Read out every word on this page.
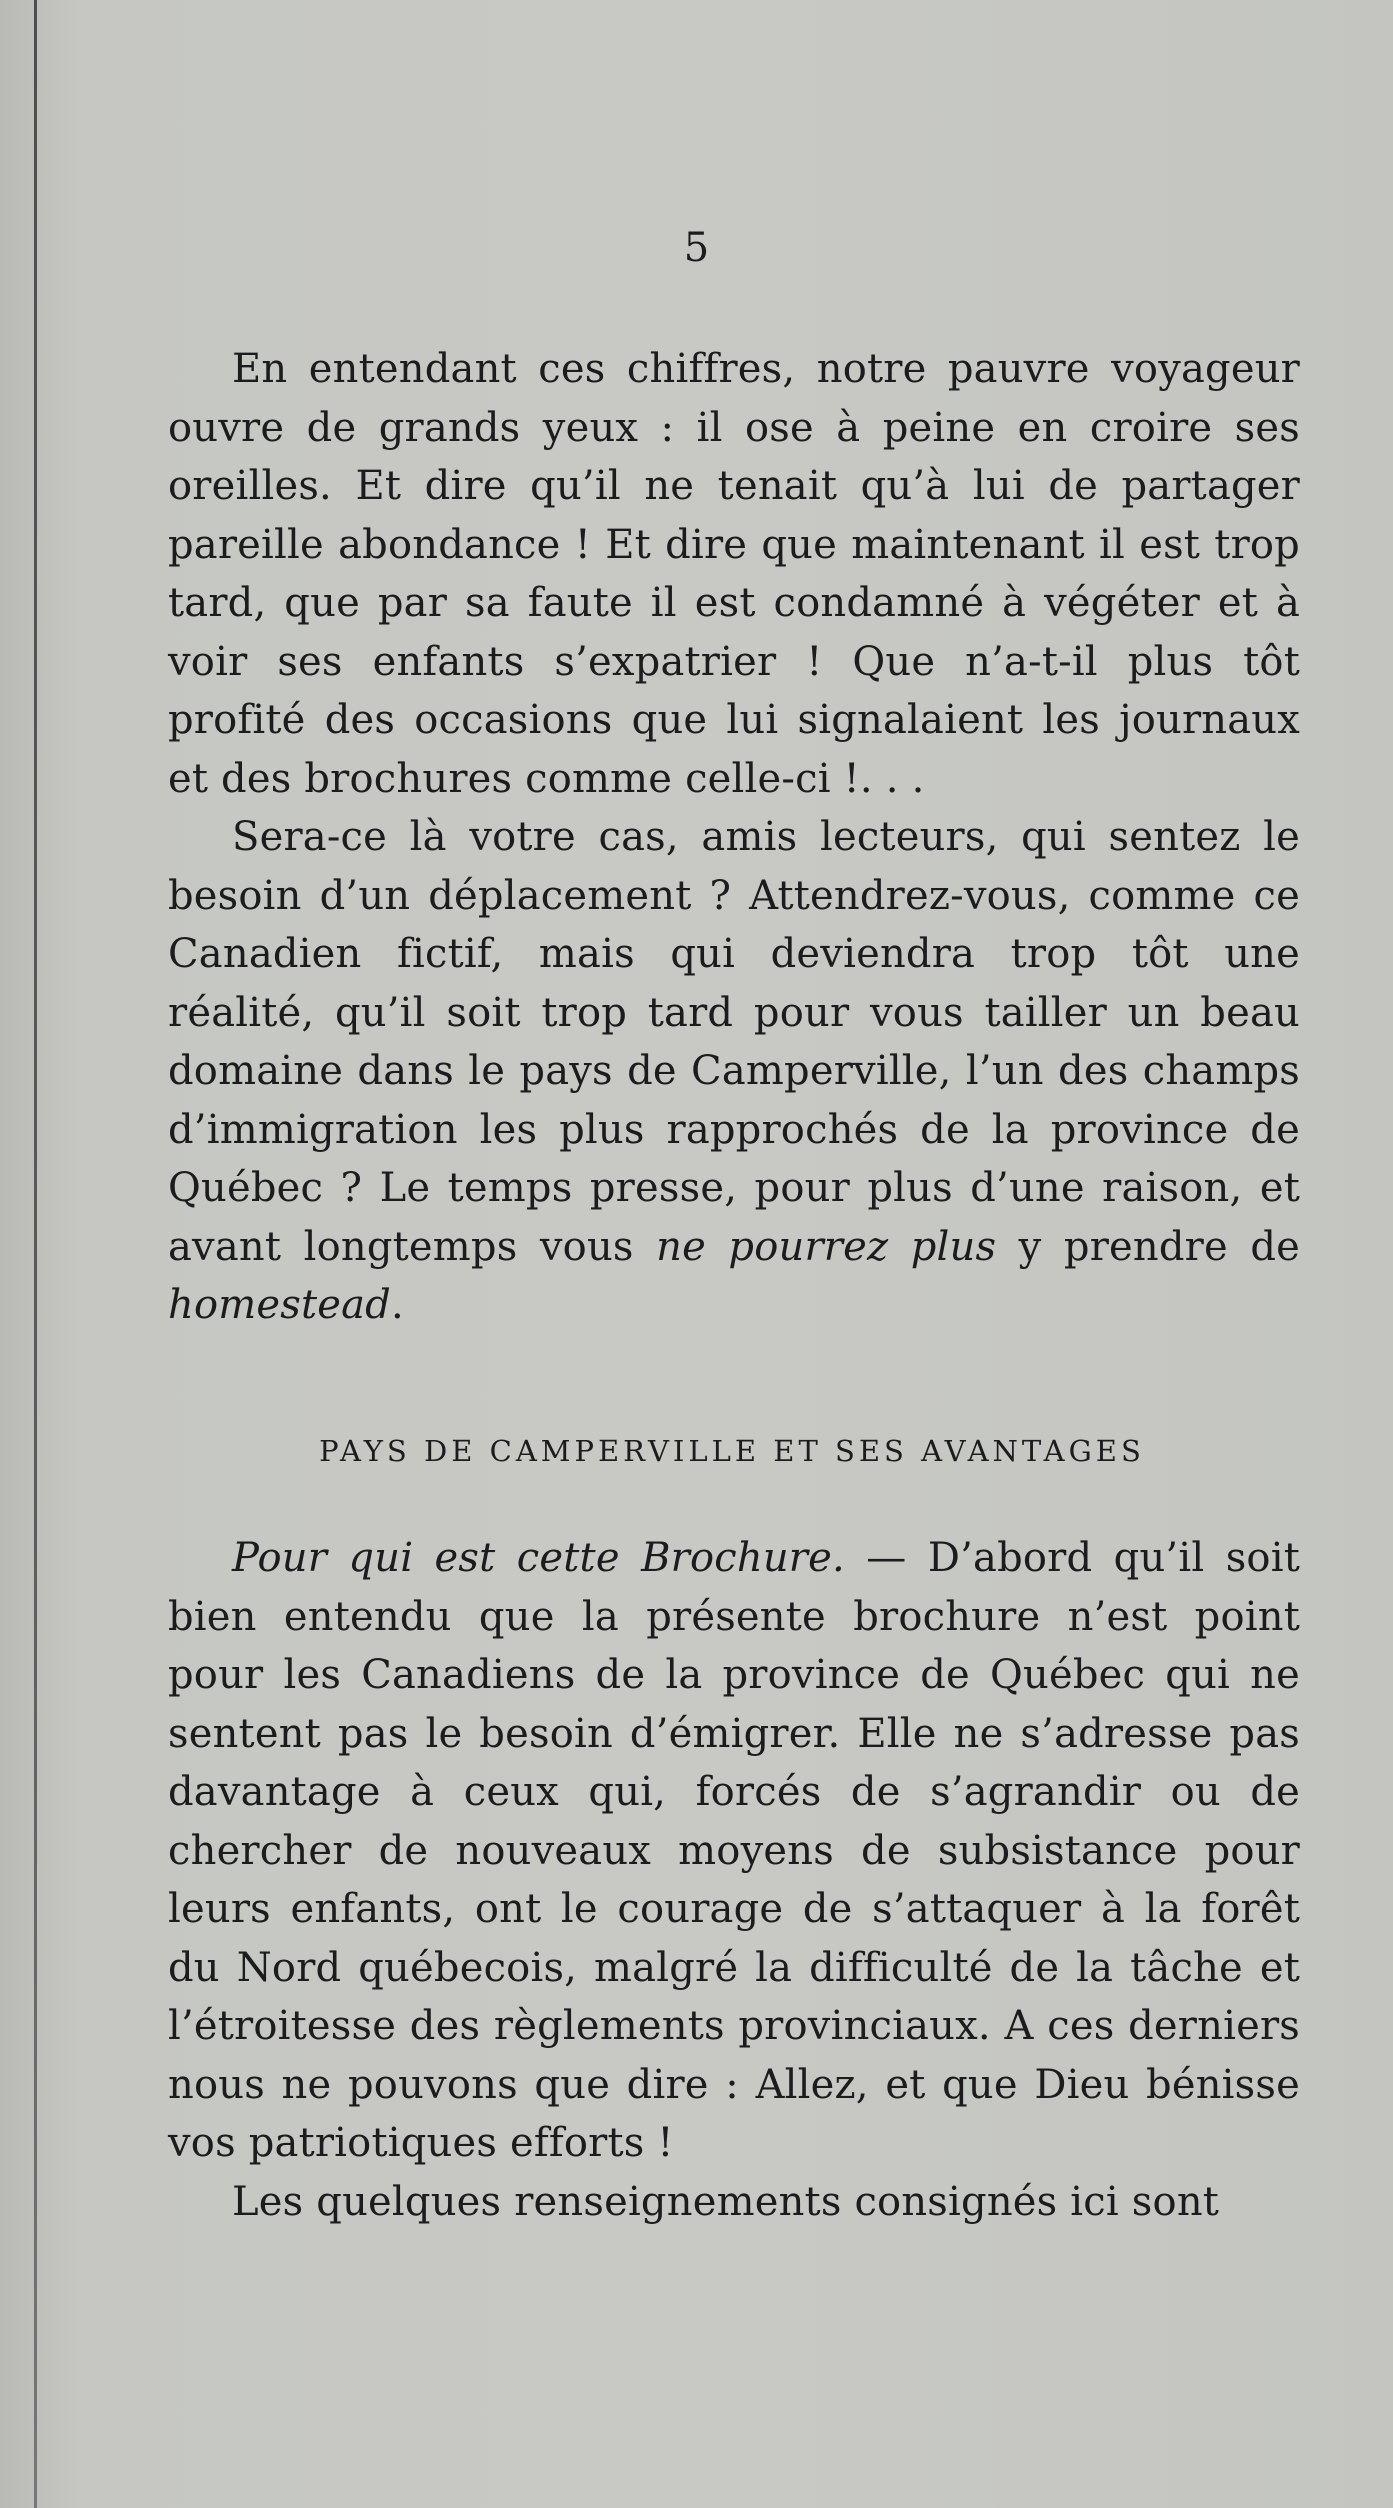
5

En entendant ces chiffres, notre pauvre voyageur ouvre de grands yeux : il ose à peine en croire ses oreilles. Et dire qu’il ne tenait qu’à lui de partager pareille abondance ! Et dire que maintenant il est trop tard, que par sa faute il est condamné à végéter et à voir ses enfants s’expatrier ! Que n’a-t-il plus tôt profité des occasions que lui signalaient les journaux et des brochures comme celle-ci !. . .

Sera-ce là votre cas, amis lecteurs, qui sentez le besoin d’un déplacement ? Attendrez-vous, comme ce Canadien fictif, mais qui deviendra trop tôt une réalité, qu’il soit trop tard pour vous tailler un beau domaine dans le pays de Camperville, l’un des champs d’immigration les plus rapprochés de la province de Québec ? Le temps presse, pour plus d’une raison, et avant longtemps vous ne pourrez plus y prendre de homestead.

PAYS DE CAMPERVILLE ET SES AVANTAGES

Pour qui est cette Brochure. — D’abord qu’il soit bien entendu que la présente brochure n’est point pour les Canadiens de la province de Québec qui ne sentent pas le besoin d’émigrer. Elle ne s’adresse pas davantage à ceux qui, forcés de s’agrandir ou de chercher de nouveaux moyens de subsistance pour leurs enfants, ont le courage de s’attaquer à la forêt du Nord québecois, malgré la difficulté de la tâche et l’étroitesse des règlements provinciaux. A ces derniers nous ne pouvons que dire : Allez, et que Dieu bénisse vos patriotiques efforts !

Les quelques renseignements consignés ici sont
